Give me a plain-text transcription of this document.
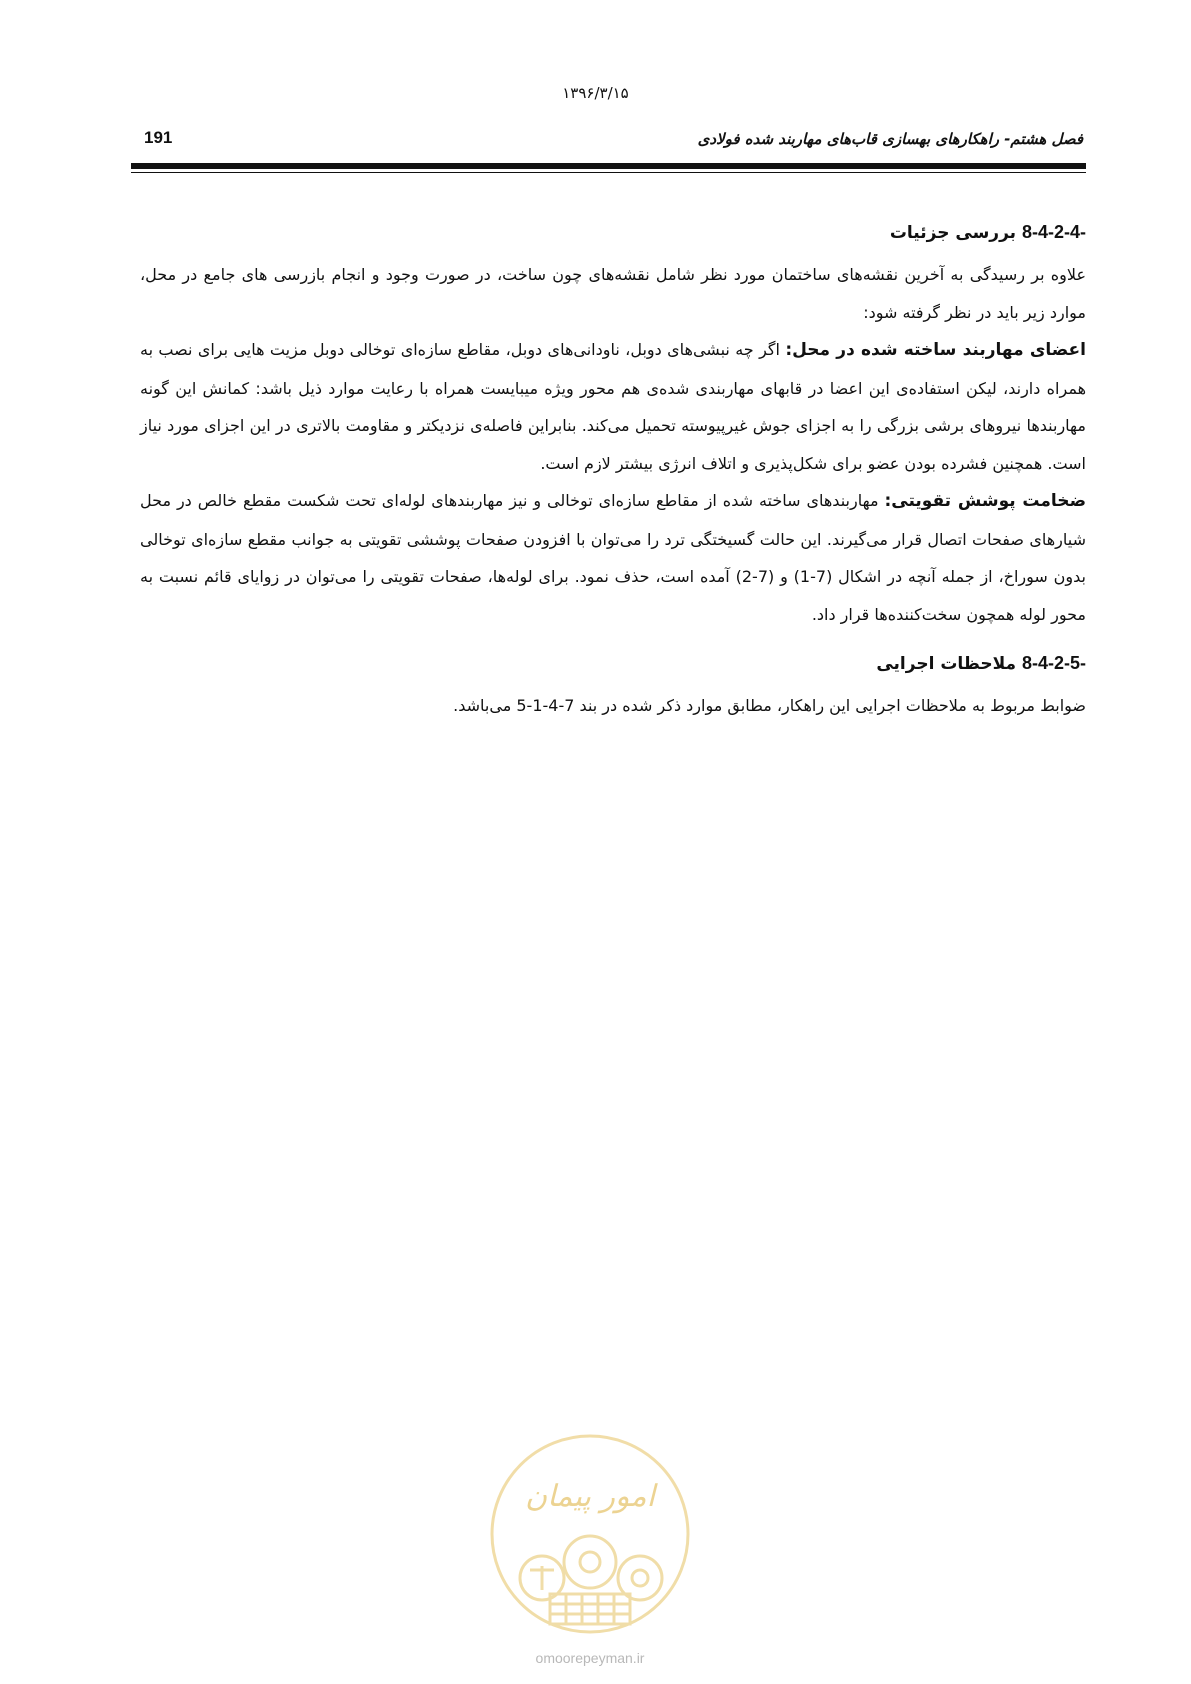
۱۳۹۶/۳/۱۵
191	فصل هشتم- راهکارهای بهسازی قاب‌های مهاربند شده فولادی
8-4-2-4- بررسی جزئیات

علاوه بر رسیدگی به آخرین نقشه‌های ساختمان مورد نظر شامل نقشه‌های چون ساخت، در صورت وجود و انجام بازرسی های جامع در محل، موارد زیر باید در نظر گرفته شود:

اعضای مهاربند ساخته شده در محل: اگر چه نبشی‌های دوبل، ناودانی‌های دوبل، مقاطع سازه‌ای توخالی دوبل مزیت هایی برای نصب به همراه دارند، لیکن استفاده‌ی این اعضا در قابهای مهاربندی شده‌ی هم محور ویژه میبایست همراه با رعایت موارد ذیل باشد: کمانش این گونه مهاربندها نیروهای برشی بزرگی را به اجزای جوش غیرپیوسته تحمیل می‌کند. بنابراین فاصله‌ی نزدیکتر و مقاومت بالاتری در این اجزای مورد نیاز است. همچنین فشرده بودن عضو برای شکل‌پذیری و اتلاف انرژی بیشتر لازم است.

ضخامت پوشش تقویتی: مهاربندهای ساخته شده از مقاطع سازه‌ای توخالی و نیز مهاربندهای لوله‌ای تحت شکست مقطع خالص در محل شیارهای صفحات اتصال قرار می‌گیرند. این حالت گسیختگی ترد را می‌توان با افزودن صفحات پوششی تقویتی به جوانب مقطع سازه‌ای توخالی بدون سوراخ، از جمله آنچه در اشکال (7-1) و (7-2) آمده است، حذف نمود. برای لوله‌ها، صفحات تقویتی را می‌توان در زوایای قائم نسبت به محور لوله همچون سخت‌کننده‌ها قرار داد.

8-4-2-5- ملاحظات اجرایی

ضوابط مربوط به ملاحظات اجرایی این راهکار، مطابق موارد ذکر شده در بند 7-4-1-5 می‌باشد.

امور پیمان
omoorepeyman.ir
